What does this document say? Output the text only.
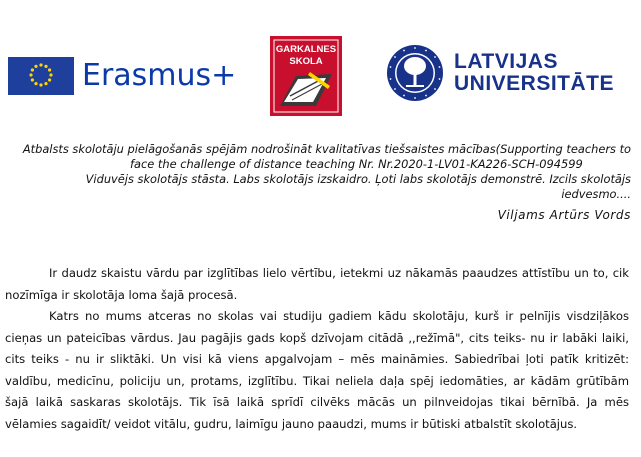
Erasmus+
GARKALNES
SKOLA	LATVIJAS
UNIVERSITĀTE
Atbalsts skolotāju pielāgošanās spējām nodrošināt kvalitatīvas tiešsaistes mācības(Supporting teachers to
face the challenge of distance teaching Nr. Nr.2020-1-LV01-KA226-SCH-094599
Viduvējs skolotājs stāsta. Labs skolotājs izskaidro. Ļoti labs skolotājs demonstrē. Izcils skolotājs iedvesmo....
Viljams Artūrs Vords

Ir daudz skaistu vārdu par izglītības lielo vērtību, ietekmi uz nākamās paaudzes attīstību un to, cik nozīmīga ir skolotāja loma šajā procesā.

Katrs no mums atceras no skolas vai studiju gadiem kādu skolotāju, kurš ir pelnījis visdziļākos cieņas un pateicības vārdus. Jau pagājis gads kopš dzīvojam citādā ,,režīmā", cits teiks- nu ir labāki laiki, cits teiks - nu ir sliktāki. Un visi kā viens apgalvojam – mēs maināmies. Sabiedrībai ļoti patīk kritizēt: valdību, medicīnu, policiju un, protams, izglītību. Tikai neliela daļa spēj iedomāties, ar kādām grūtībām šajā laikā saskaras skolotājs. Tik īsā laikā sprīdī cilvēks mācās un pilnveidojas tikai bērnībā. Ja mēs vēlamies sagaidīt/ veidot vitālu, gudru, laimīgu jauno paaudzi, mums ir būtiski atbalstīt skolotājus.
